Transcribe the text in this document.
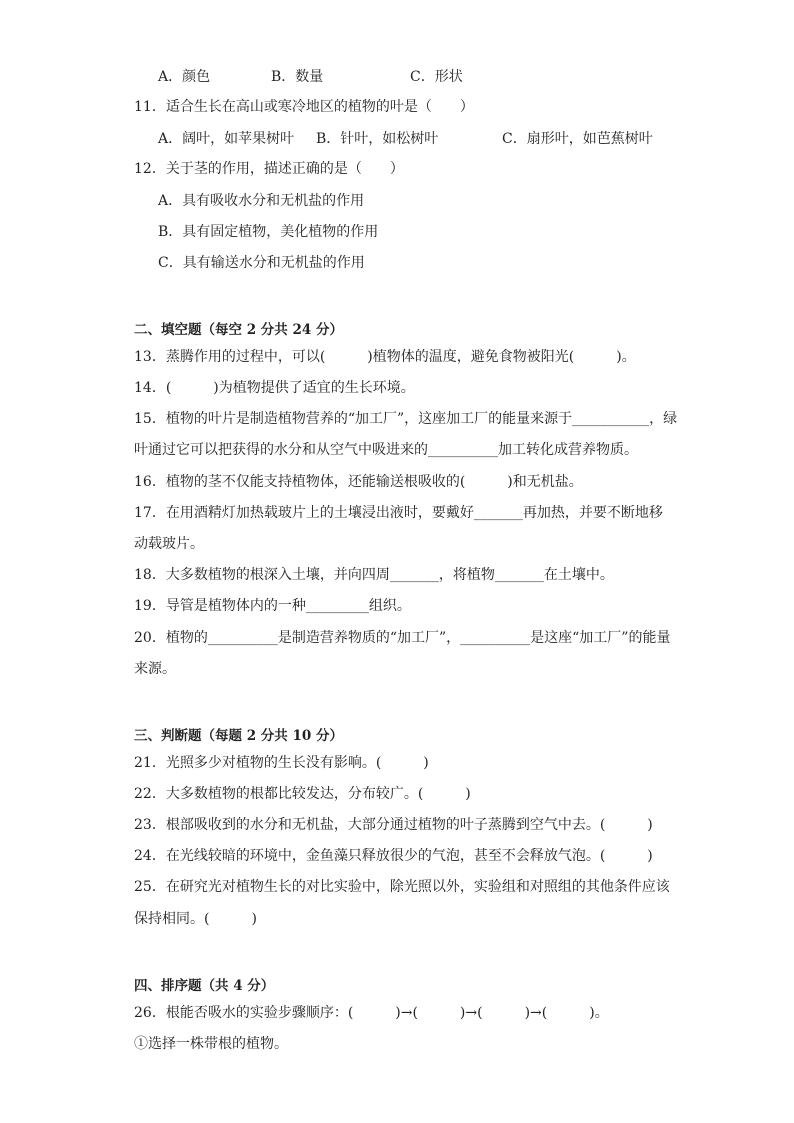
A．颜色	B．数量	C．形状
11．适合生长在高山或寒冷地区的植物的叶是（　　）
A．阔叶，如苹果树叶 B．针叶，如松树叶	C．扇形叶，如芭蕉树叶
12．关于茎的作用，描述正确的是（　　）
A．具有吸收水分和无机盐的作用
B．具有固定植物，美化植物的作用
C．具有输送水分和无机盐的作用
二、填空题（每空 2 分共 24 分）
13．蒸腾作用的过程中，可以(　　　)植物体的温度，避免食物被阳光(　　　)。
14．(　　　)为植物提供了适宜的生长环境。
15．植物的叶片是制造植物营养的“加工厂”，这座加工厂的能量来源于___________，绿
叶通过它可以把获得的水分和从空气中吸进来的__________加工转化成营养物质。
16．植物的茎不仅能支持植物体，还能输送根吸收的(　　　)和无机盐。
17．在用酒精灯加热载玻片上的土壤浸出液时，要戴好_______再加热，并要不断地移
动载玻片。
18．大多数植物的根深入土壤，并向四周_______，将植物_______在土壤中。
19．导管是植物体内的一种_________组织。
20．植物的__________是制造营养物质的“加工厂”，__________是这座“加工厂”的能量
来源。
三、判断题（每题 2 分共 10 分）
21．光照多少对植物的生长没有影响。(　　　)
22．大多数植物的根都比较发达，分布较广。(　　　)
23．根部吸收到的水分和无机盐，大部分通过植物的叶子蒸腾到空气中去。(　　　)
24．在光线较暗的环境中，金鱼藻只释放很少的气泡，甚至不会释放气泡。(　　　)
25．在研究光对植物生长的对比实验中，除光照以外，实验组和对照组的其他条件应该
保持相同。(　　　)
四、排序题（共 4 分）
26．根能否吸水的实验步骤顺序：(　　　)→(　　　)→(　　　)→(　　　)。
①选择一株带根的植物。
